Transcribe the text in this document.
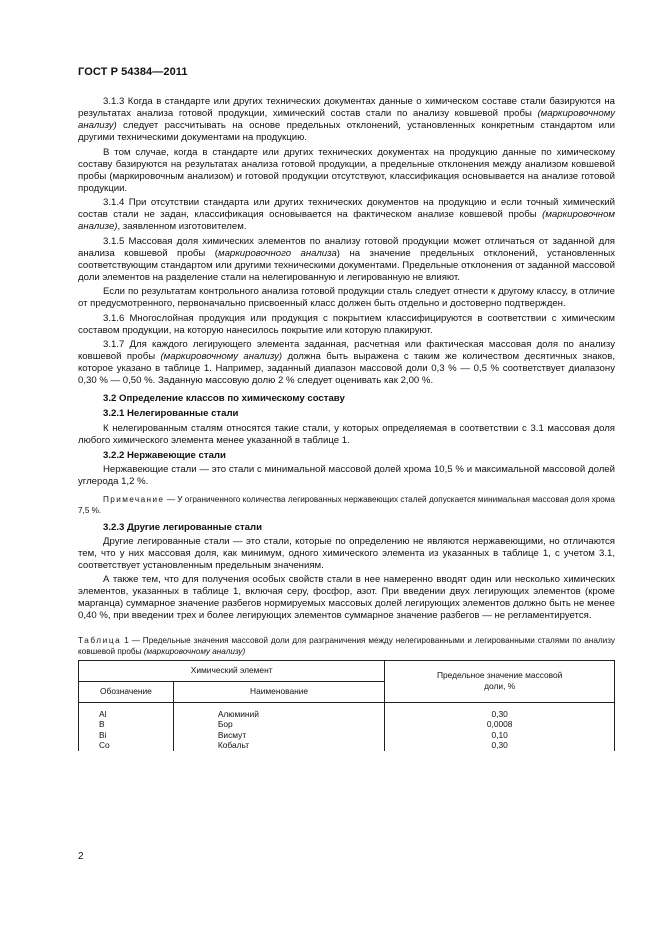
ГОСТ Р 54384—2011

3.1.3 Когда в стандарте или других технических документах данные о химическом составе стали базируются на результатах анализа готовой продукции, химический состав стали по анализу ковшевой пробы (маркировочному анализу) следует рассчитывать на основе предельных отклонений, установленных конкретным стандартом или другими техническими документами на продукцию.

В том случае, когда в стандарте или других технических документах на продукцию данные по химическому составу базируются на результатах анализа готовой продукции, а предельные отклонения между анализом ковшевой пробы (маркировочным анализом) и готовой продукции отсутствуют, классификация основывается на анализе готовой продукции.

3.1.4 При отсутствии стандарта или других технических документов на продукцию и если точный химический состав стали не задан, классификация основывается на фактическом анализе ковшевой пробы (маркировочном анализе), заявленном изготовителем.

3.1.5 Массовая доля химических элементов по анализу готовой продукции может отличаться от заданной для анализа ковшевой пробы (маркировочного анализа) на значение предельных отклонений, установленных соответствующим стандартом или другими техническими документами. Предельные отклонения от заданной массовой доли элементов на разделение стали на нелегированную и легированную не влияют.

Если по результатам контрольного анализа готовой продукции сталь следует отнести к другому классу, в отличие от предусмотренного, первоначально присвоенный класс должен быть отдельно и достоверно подтвержден.

3.1.6 Многослойная продукция или продукция с покрытием классифицируются в соответствии с химическим составом продукции, на которую нанесилось покрытие или которую плакируют.

3.1.7 Для каждого легирующего элемента заданная, расчетная или фактическая массовая доля по анализу ковшевой пробы (маркировочному анализу) должна быть выражена с таким же количеством десятичных знаков, которое указано в таблице 1. Например, заданный диапазон массовой доли 0,3 % — 0,5 % соответствует диапазону 0,30 % — 0,50 %. Заданную массовую долю 2 % следует оценивать как 2,00 %.

3.2 Определение классов по химическому составу
3.2.1 Нелегированные стали

К нелегированным сталям относятся такие стали, у которых определяемая в соответствии с 3.1 массовая доля любого химического элемента менее указанной в таблице 1.

3.2.2 Нержавеющие стали

Нержавеющие стали — это стали с минимальной массовой долей хрома 10,5 % и максимальной массовой долей углерода 1,2 %.

Примечание — У ограниченного количества легированных нержавеющих сталей допускается минимальная массовая доля хрома 7,5 %.
3.2.3 Другие легированные стали

Другие легированные стали — это стали, которые по определению не являются нержавеющими, но отличаются тем, что у них массовая доля, как минимум, одного химического элемента из указанных в таблице 1, с учетом 3.1, соответствует установленным предельным значениям.

А также тем, что для получения особых свойств стали в нее намеренно вводят один или несколько химических элементов, указанных в таблице 1, включая серу, фосфор, азот. При введении двух легирующих элементов (кроме марганца) суммарное значение разбегов нормируемых массовых долей легирующих элементов должно быть не менее 0,40 %, при введении трех и более легирующих элементов суммарное значение разбегов — не регламентируется.

Таблица 1 — Предельные значения массовой доли для разграничения между нелегированными и легированными сталями по анализу ковшевой пробы (маркировочному анализу)
Химический элемент		Предельное значение массовой доли, %
Обозначение	Наименование	
Al	Алюминий	0,30
B	Бор	0,0008
Bi	Висмут	0,10
Co	Кобальт	0,30
2
